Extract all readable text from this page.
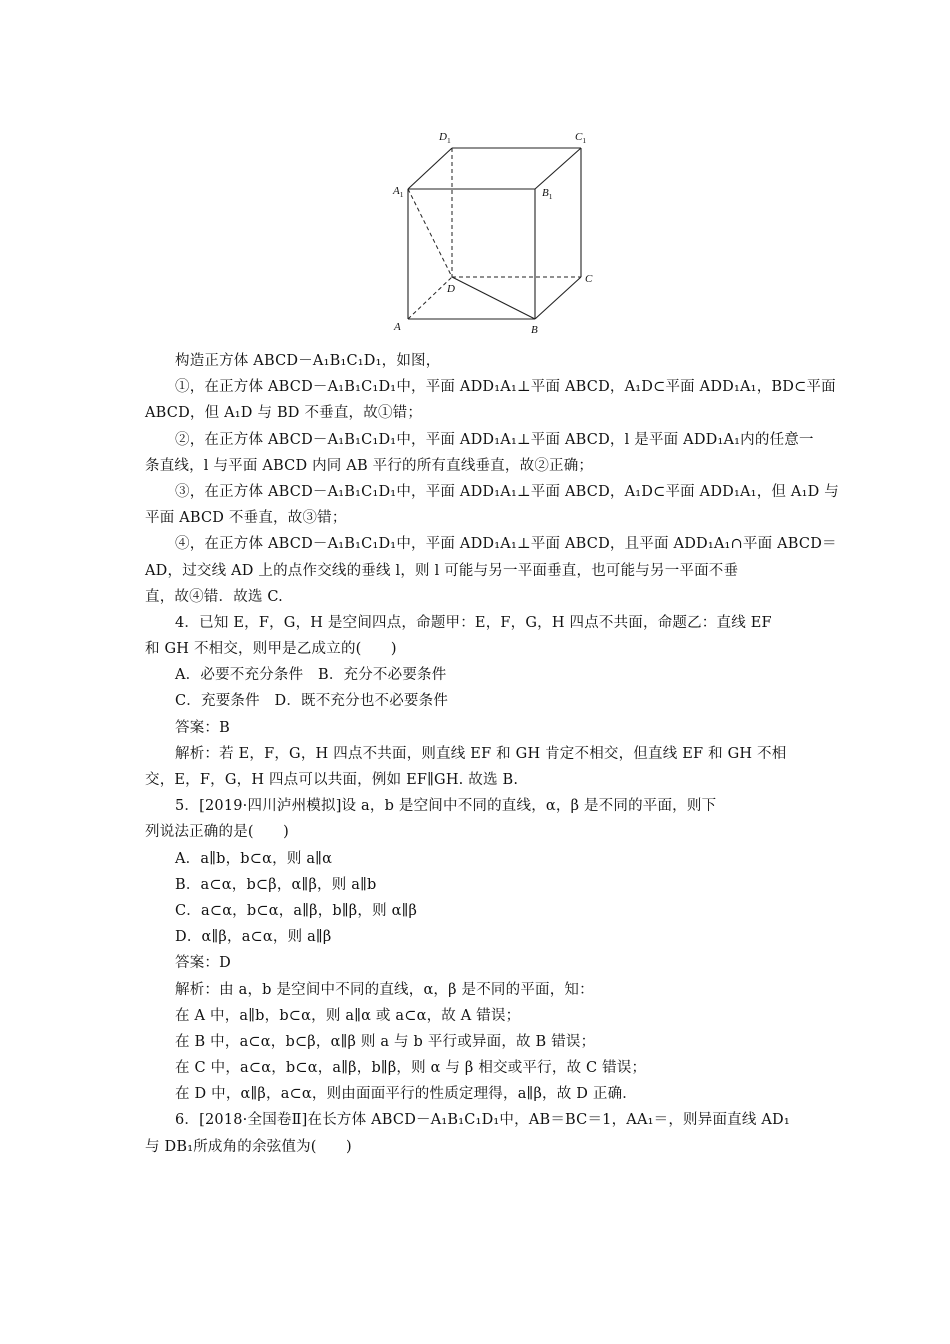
$D_1$	$C_1$
$A_1$	$B_1$
D
C
A	B
构造正方体 ABCD－A₁B₁C₁D₁，如图，
①，在正方体 ABCD－A₁B₁C₁D₁中，平面 ADD₁A₁⊥平面 ABCD，A₁D⊂平面 ADD₁A₁，BD⊂平面
ABCD，但 A₁D 与 BD 不垂直，故①错；
②，在正方体 ABCD－A₁B₁C₁D₁中，平面 ADD₁A₁⊥平面 ABCD，l 是平面 ADD₁A₁内的任意一
条直线，l 与平面 ABCD 内同 AB 平行的所有直线垂直，故②正确；
③，在正方体 ABCD－A₁B₁C₁D₁中，平面 ADD₁A₁⊥平面 ABCD，A₁D⊂平面 ADD₁A₁，但 A₁D 与
平面 ABCD 不垂直，故③错；
④，在正方体 ABCD－A₁B₁C₁D₁中，平面 ADD₁A₁⊥平面 ABCD，且平面 ADD₁A₁∩平面 ABCD＝
AD，过交线 AD 上的点作交线的垂线 l，则 l 可能与另一平面垂直，也可能与另一平面不垂
直，故④错．故选 C.
4．已知 E，F，G，H 是空间四点，命题甲：E，F，G，H 四点不共面，命题乙：直线 EF
和 GH 不相交，则甲是乙成立的(　　)
A．必要不充分条件　B．充分不必要条件
C．充要条件　D．既不充分也不必要条件
答案：B
解析：若 E，F，G，H 四点不共面，则直线 EF 和 GH 肯定不相交，但直线 EF 和 GH 不相
交，E，F，G，H 四点可以共面，例如 EF∥GH. 故选 B.
5．[2019·四川泸州模拟]设 a，b 是空间中不同的直线，α，β 是不同的平面，则下
列说法正确的是(　　)
A．a∥b，b⊂α，则 a∥α
B．a⊂α，b⊂β，α∥β，则 a∥b
C．a⊂α，b⊂α，a∥β，b∥β，则 α∥β
D．α∥β，a⊂α，则 a∥β
答案：D
解析：由 a，b 是空间中不同的直线，α，β 是不同的平面，知：
在 A 中，a∥b，b⊂α，则 a∥α 或 a⊂α，故 A 错误；
在 B 中，a⊂α，b⊂β，α∥β 则 a 与 b 平行或异面，故 B 错误；
在 C 中，a⊂α，b⊂α，a∥β，b∥β，则 α 与 β 相交或平行，故 C 错误；
在 D 中，α∥β，a⊂α，则由面面平行的性质定理得，a∥β，故 D 正确．
6．[2018·全国卷Ⅱ]在长方体 ABCD－A₁B₁C₁D₁中，AB＝BC＝1，AA₁＝，则异面直线 AD₁
与 DB₁所成角的余弦值为(　　)
